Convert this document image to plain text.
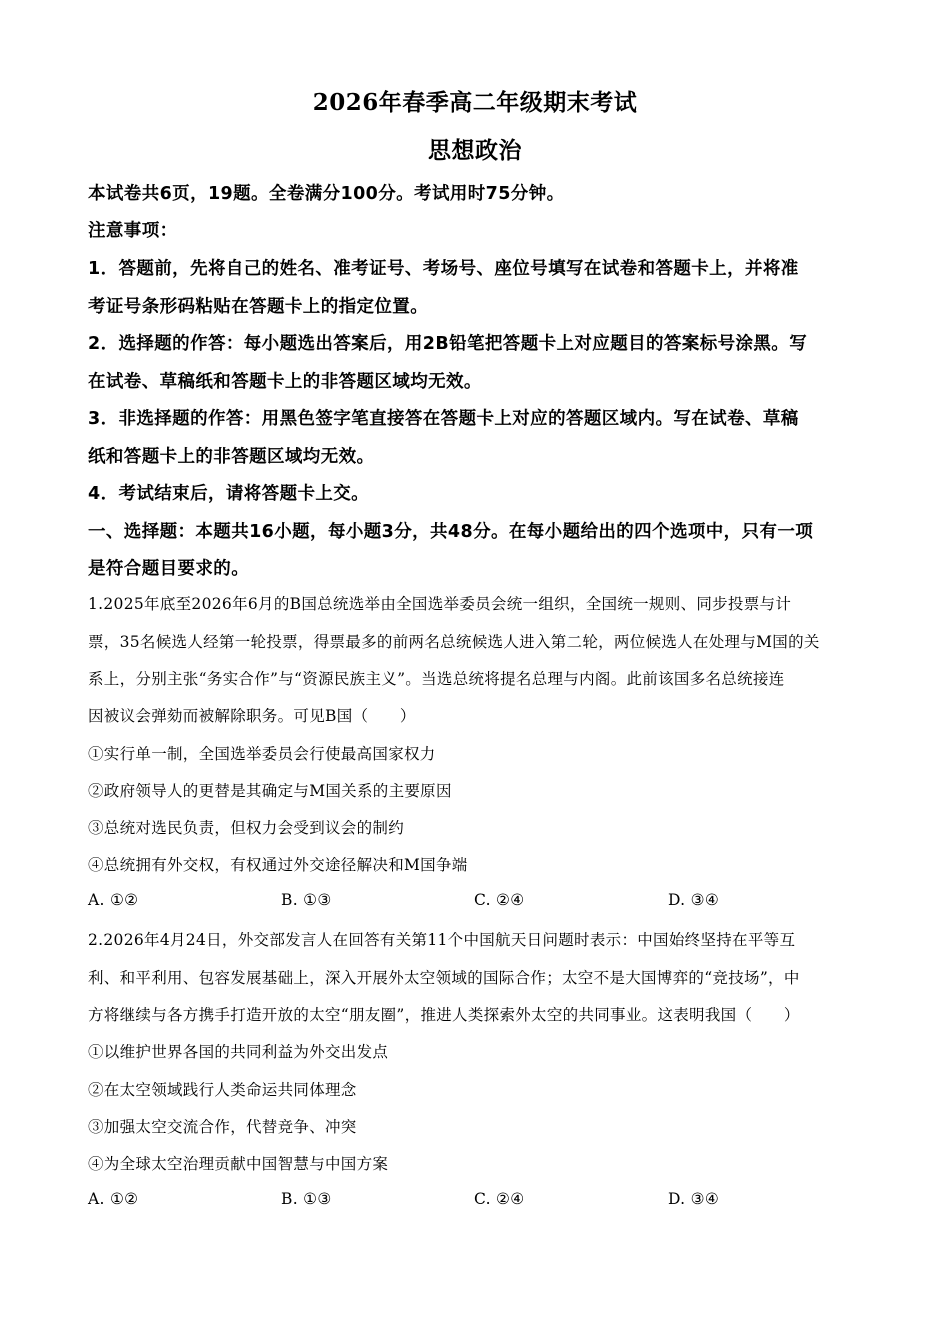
2026年春季高二年级期末考试
思想政治
本试卷共6页，19题。全卷满分100分。考试用时75分钟。
注意事项：
1．答题前，先将自己的姓名、准考证号、考场号、座位号填写在试卷和答题卡上，并将准
考证号条形码粘贴在答题卡上的指定位置。
2．选择题的作答：每小题选出答案后，用2B铅笔把答题卡上对应题目的答案标号涂黑。写
在试卷、草稿纸和答题卡上的非答题区域均无效。
3．非选择题的作答：用黑色签字笔直接答在答题卡上对应的答题区域内。写在试卷、草稿
纸和答题卡上的非答题区域均无效。
4．考试结束后，请将答题卡上交。
一、选择题：本题共16小题，每小题3分，共48分。在每小题给出的四个选项中，只有一项
是符合题目要求的。
1.2025年底至2026年6月的B国总统选举由全国选举委员会统一组织，全国统一规则、同步投票与计
票，35名候选人经第一轮投票，得票最多的前两名总统候选人进入第二轮，两位候选人在处理与M国的关
系上，分别主张“务实合作”与“资源民族主义”。当选总统将提名总理与内阁。此前该国多名总统接连
因被议会弹劾而被解除职务。可见B国（　　）
①实行单一制，全国选举委员会行使最高国家权力
②政府领导人的更替是其确定与M国关系的主要原因
③总统对选民负责，但权力会受到议会的制约
④总统拥有外交权，有权通过外交途径解决和M国争端
A. ①②	B. ①③	C. ②④	D. ③④
2.2026年4月24日，外交部发言人在回答有关第11个中国航天日问题时表示：中国始终坚持在平等互
利、和平利用、包容发展基础上，深入开展外太空领域的国际合作；太空不是大国博弈的“竞技场”，中
方将继续与各方携手打造开放的太空“朋友圈”，推进人类探索外太空的共同事业。这表明我国（　　）
①以维护世界各国的共同利益为外交出发点
②在太空领域践行人类命运共同体理念
③加强太空交流合作，代替竞争、冲突
④为全球太空治理贡献中国智慧与中国方案
A. ①②	B. ①③	C. ②④	D. ③④
